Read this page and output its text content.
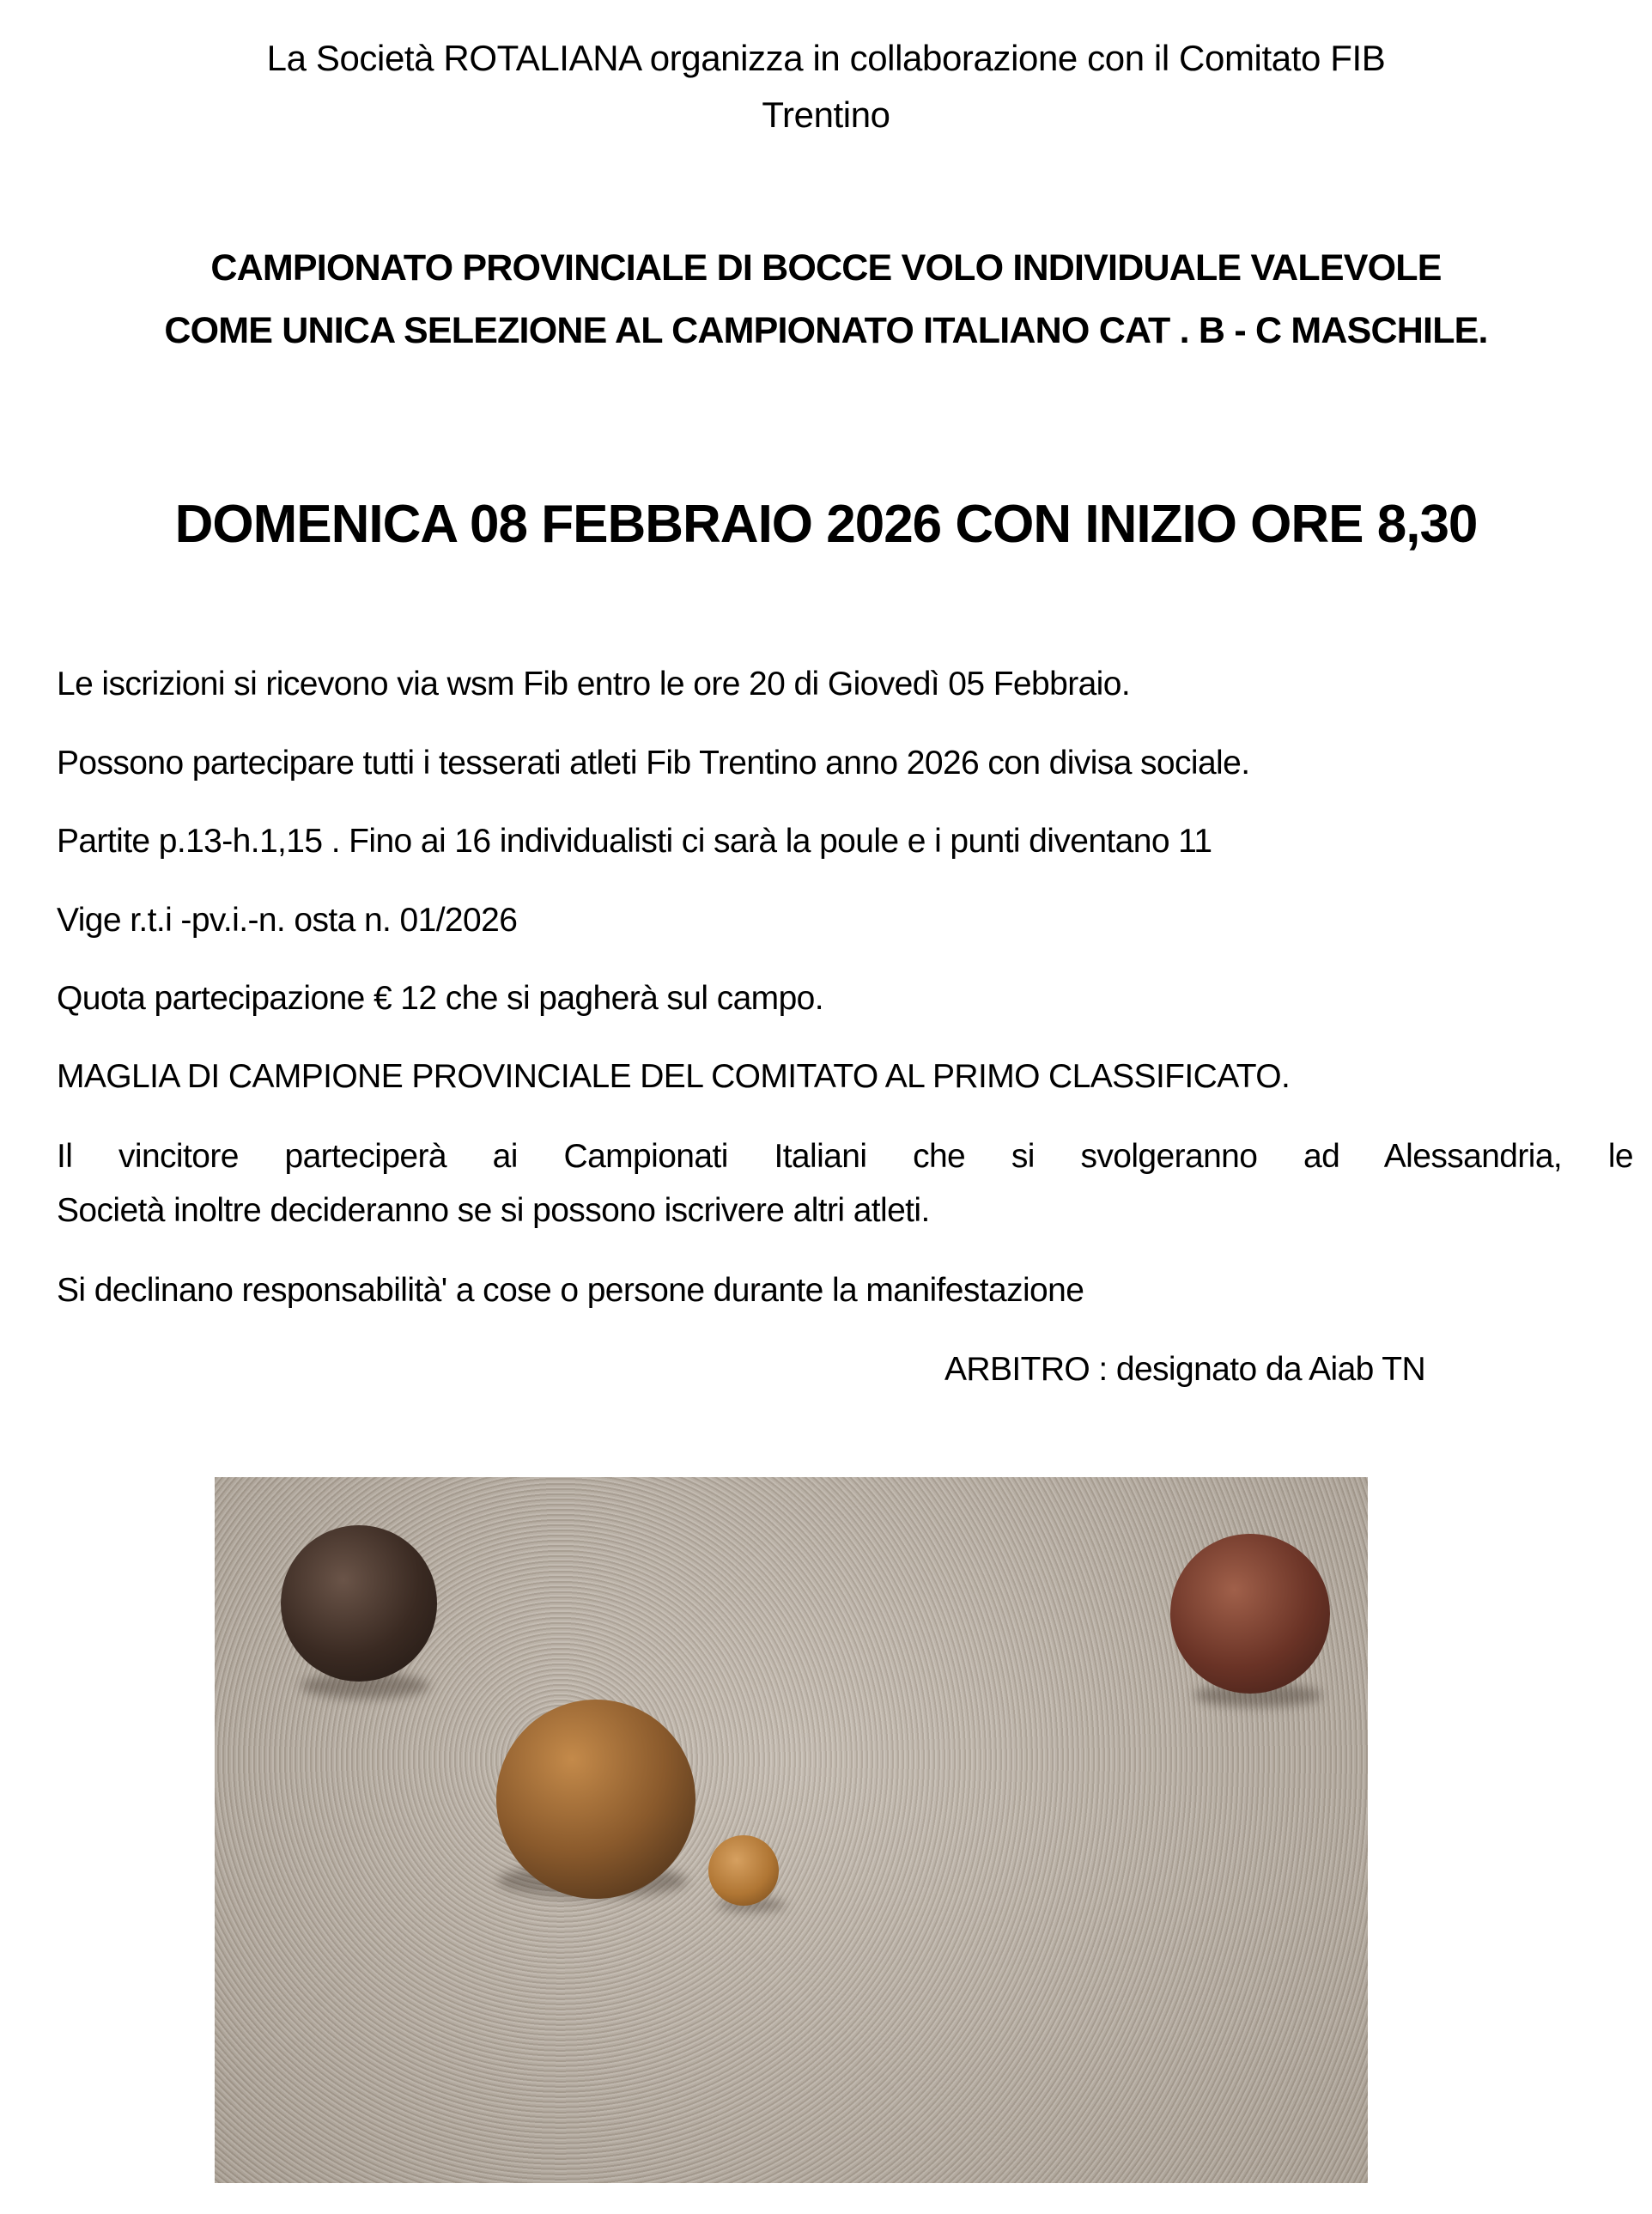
La Società ROTALIANA organizza in collaborazione con il Comitato FIB
Trentino
CAMPIONATO PROVINCIALE DI BOCCE VOLO INDIVIDUALE VALEVOLE
COME UNICA SELEZIONE AL CAMPIONATO ITALIANO CAT . B - C MASCHILE.
DOMENICA 08 FEBBRAIO 2026 CON INIZIO ORE 8,30
Le iscrizioni si ricevono via wsm Fib entro le ore 20 di Giovedì 05 Febbraio.
Possono partecipare tutti i tesserati atleti Fib Trentino anno 2026 con divisa sociale.
Partite p.13-h.1,15 . Fino ai 16 individualisti ci sarà la poule e i punti diventano 11
Vige r.t.i -pv.i.-n. osta n. 01/2026
Quota partecipazione € 12 che si pagherà sul campo.
MAGLIA DI CAMPIONE PROVINCIALE DEL COMITATO AL PRIMO CLASSIFICATO.
Il vincitore parteciperà ai Campionati Italiani che si svolgeranno ad Alessandria, le
Società inoltre decideranno se si possono iscrivere altri atleti.
Si declinano responsabilità' a cose o persone durante la manifestazione
ARBITRO : designato da Aiab TN
